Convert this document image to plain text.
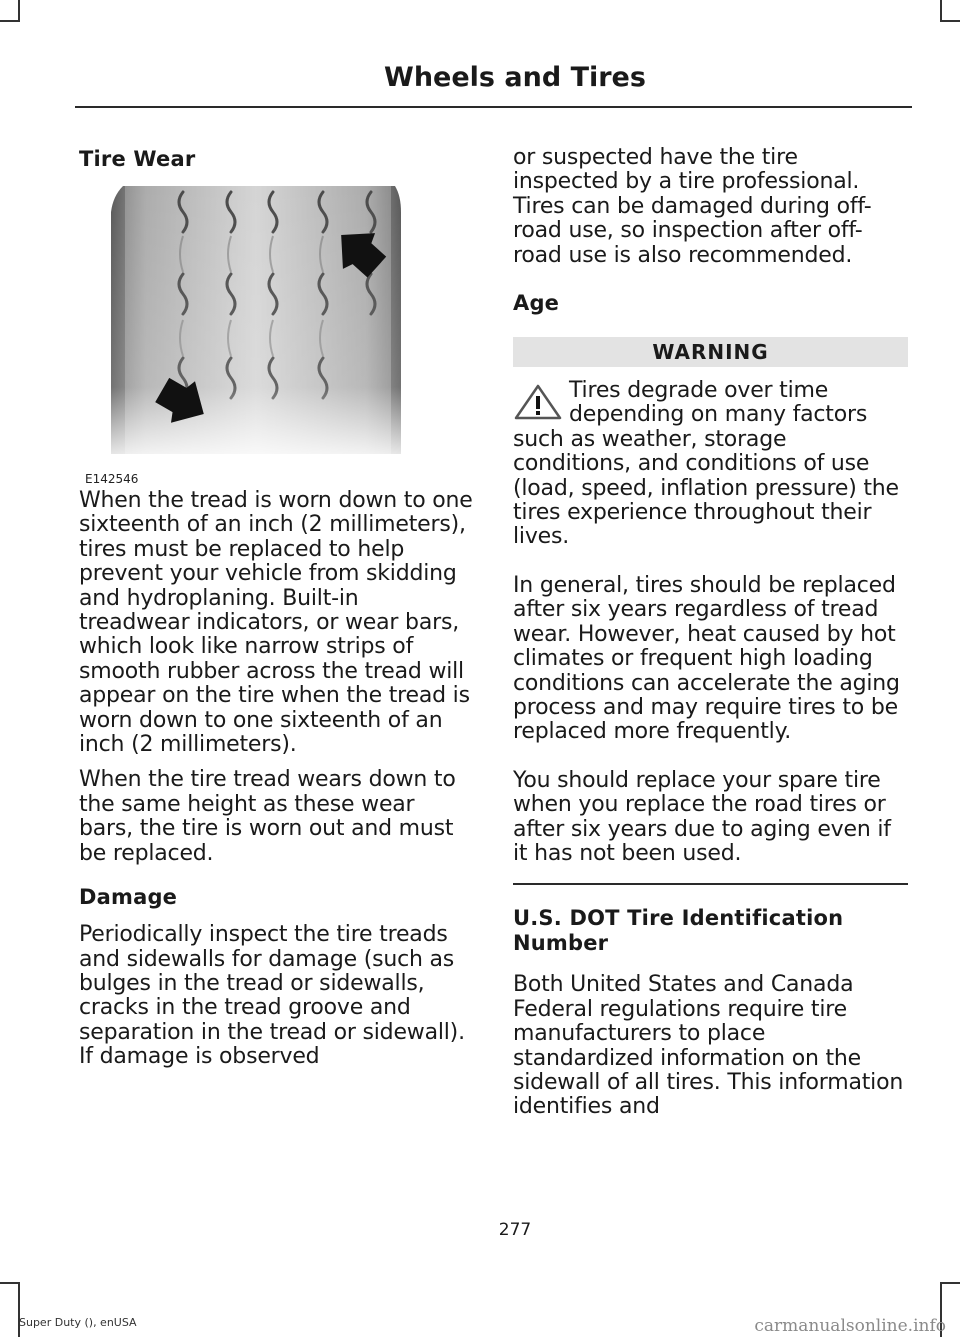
Wheels and Tires
Tire Wear
E142546

When the tread is worn down to one sixteenth of an inch (2 millimeters), tires must be replaced to help prevent your vehicle from skidding and hydroplaning. Built-in treadwear indicators, or wear bars, which look like narrow strips of smooth rubber across the tread will appear on the tire when the tread is worn down to one sixteenth of an inch (2 millimeters).

When the tire tread wears down to the same height as these wear bars, the tire is worn out and must be replaced.

Damage

Periodically inspect the tire treads and sidewalls for damage (such as bulges in the tread or sidewalls, cracks in the tread groove and separation in the tread or sidewall). If damage is observed

or suspected have the tire inspected by a tire professional. Tires can be damaged during off-road use, so inspection after off-road use is also recommended.

Age
WARNING

Tires degrade over time depending on many factors such as weather, storage conditions, and conditions of use (load, speed, inflation pressure) the tires experience throughout their lives.

In general, tires should be replaced after six years regardless of tread wear. However, heat caused by hot climates or frequent high loading conditions can accelerate the aging process and may require tires to be replaced more frequently.

You should replace your spare tire when you replace the road tires or after six years due to aging even if it has not been used.

U.S. DOT Tire Identification Number

Both United States and Canada Federal regulations require tire manufacturers to place standardized information on the sidewall of all tires. This information identifies and

277
Super Duty (), enUSA	carmanualsonline.info
